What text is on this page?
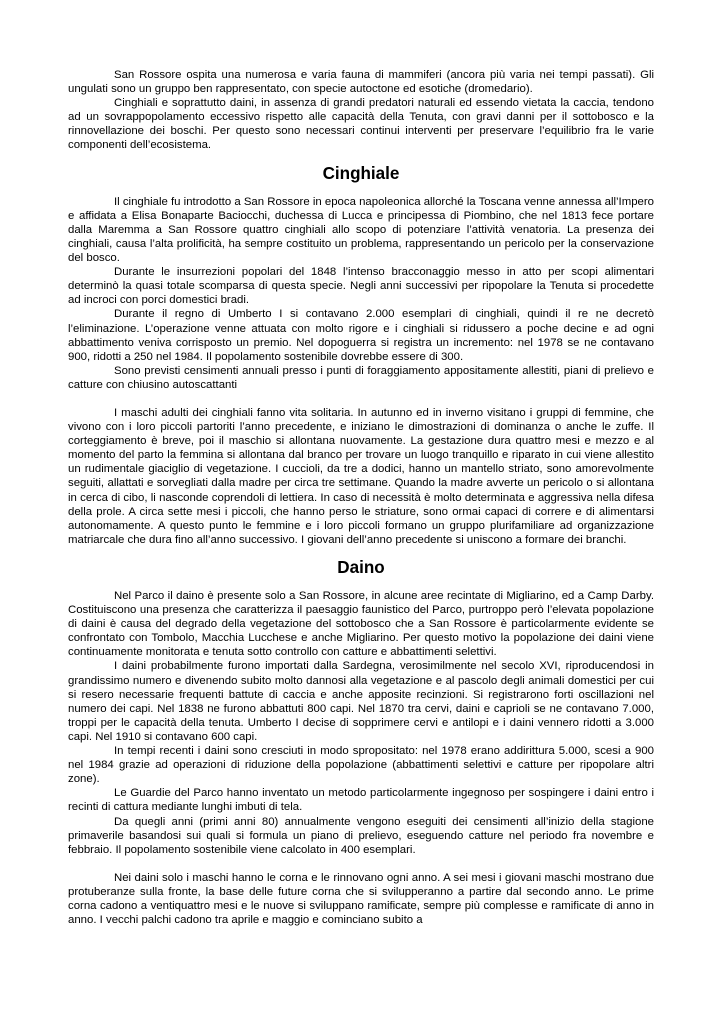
San Rossore ospita una numerosa e varia fauna di mammiferi (ancora più varia nei tempi passati). Gli ungulati sono un gruppo ben rappresentato, con specie autoctone ed esotiche (dromedario).

Cinghiali e soprattutto daini, in assenza di grandi predatori naturali ed essendo vietata la caccia, tendono ad un sovrappopolamento eccessivo rispetto alle capacità della Tenuta, con gravi danni per il sottobosco e la rinnovellazione dei boschi. Per questo sono necessari continui interventi per preservare l’equilibrio fra le varie componenti dell’ecosistema.

Cinghiale

Il cinghiale fu introdotto a San Rossore in epoca napoleonica allorché la Toscana venne annessa all’Impero e affidata a Elisa Bonaparte Baciocchi, duchessa di Lucca e principessa di Piombino, che nel 1813 fece portare dalla Maremma a San Rossore quattro cinghiali allo scopo di potenziare l’attività venatoria. La presenza dei cinghiali, causa l’alta prolificità, ha sempre costituito un problema, rappresentando un pericolo per la conservazione del bosco.

Durante le insurrezioni popolari del 1848 l’intenso bracconaggio messo in atto per scopi alimentari determinò la quasi totale scomparsa di questa specie. Negli anni successivi per ripopolare la Tenuta si procedette ad incroci con porci domestici bradi.

Durante il regno di Umberto I si contavano 2.000 esemplari di cinghiali, quindi il re ne decretò l’eliminazione. L’operazione venne attuata con molto rigore e i cinghiali si ridussero a poche decine e ad ogni abbattimento veniva corrisposto un premio. Nel dopoguerra si registra un incremento: nel 1978 se ne contavano 900, ridotti a 250 nel 1984. Il popolamento sostenibile dovrebbe essere di 300.

Sono previsti censimenti annuali presso i punti di foraggiamento appositamente allestiti, piani di prelievo e catture con chiusino autoscattanti

I maschi adulti dei cinghiali fanno vita solitaria. In autunno ed in inverno visitano i gruppi di femmine, che vivono con i loro piccoli partoriti l’anno precedente, e iniziano le dimostrazioni di dominanza o anche le zuffe. Il corteggiamento è breve, poi il maschio si allontana nuovamente. La gestazione dura quattro mesi e mezzo e al momento del parto la femmina si allontana dal branco per trovare un luogo tranquillo e riparato in cui viene allestito un rudimentale giaciglio di vegetazione. I cuccioli, da tre a dodici, hanno un mantello striato, sono amorevolmente seguiti, allattati e sorvegliati dalla madre per circa tre settimane. Quando la madre avverte un pericolo o si allontana in cerca di cibo, li nasconde coprendoli di lettiera. In caso di necessità è molto determinata e aggressiva nella difesa della prole. A circa sette mesi i piccoli, che hanno perso le striature, sono ormai capaci di correre e di alimentarsi autonomamente. A questo punto le femmine e i loro piccoli formano un gruppo plurifamiliare ad organizzazione matriarcale che dura fino all’anno successivo. I giovani dell’anno precedente si uniscono a formare dei branchi.

Daino

Nel Parco il daino è presente solo a San Rossore, in alcune aree recintate di Migliarino, ed a Camp Darby. Costituiscono una presenza che caratterizza il paesaggio faunistico del Parco, purtroppo però l’elevata popolazione di daini è causa del degrado della vegetazione del sottobosco che a San Rossore è particolarmente evidente se confrontato con Tombolo, Macchia Lucchese e anche Migliarino. Per questo motivo la popolazione dei daini viene continuamente monitorata e tenuta sotto controllo con catture e abbattimenti selettivi.

I daini probabilmente furono importati dalla Sardegna, verosimilmente nel secolo XVI, riproducendosi in grandissimo numero e divenendo subito molto dannosi alla vegetazione e al pascolo degli animali domestici per cui si resero necessarie frequenti battute di caccia e anche apposite recinzioni. Si registrarono forti oscillazioni nel numero dei capi. Nel 1838 ne furono abbattuti 800 capi. Nel 1870 tra cervi, daini e caprioli se ne contavano 7.000, troppi per le capacità della tenuta. Umberto I decise di sopprimere cervi e antilopi e i daini vennero ridotti a 3.000 capi. Nel 1910 si contavano 600 capi.

In tempi recenti i daini sono cresciuti in modo spropositato: nel 1978 erano addirittura 5.000, scesi a 900 nel 1984 grazie ad operazioni di riduzione della popolazione (abbattimenti selettivi e catture per ripopolare altri zone).

Le Guardie del Parco hanno inventato un metodo particolarmente ingegnoso per sospingere i daini entro i recinti di cattura mediante lunghi imbuti di tela.

Da quegli anni (primi anni 80) annualmente vengono eseguiti dei censimenti all’inizio della stagione primaverile basandosi sui quali si formula un piano di prelievo, eseguendo catture nel periodo fra novembre e febbraio. Il popolamento sostenibile viene calcolato in 400 esemplari.

Nei daini solo i maschi hanno le corna e le rinnovano ogni anno. A sei mesi i giovani maschi mostrano due protuberanze sulla fronte, la base delle future corna che si svilupperanno a partire dal secondo anno. Le prime corna cadono a ventiquattro mesi e le nuove si sviluppano ramificate, sempre più complesse e ramificate di anno in anno. I vecchi palchi cadono tra aprile e maggio e cominciano subito a
